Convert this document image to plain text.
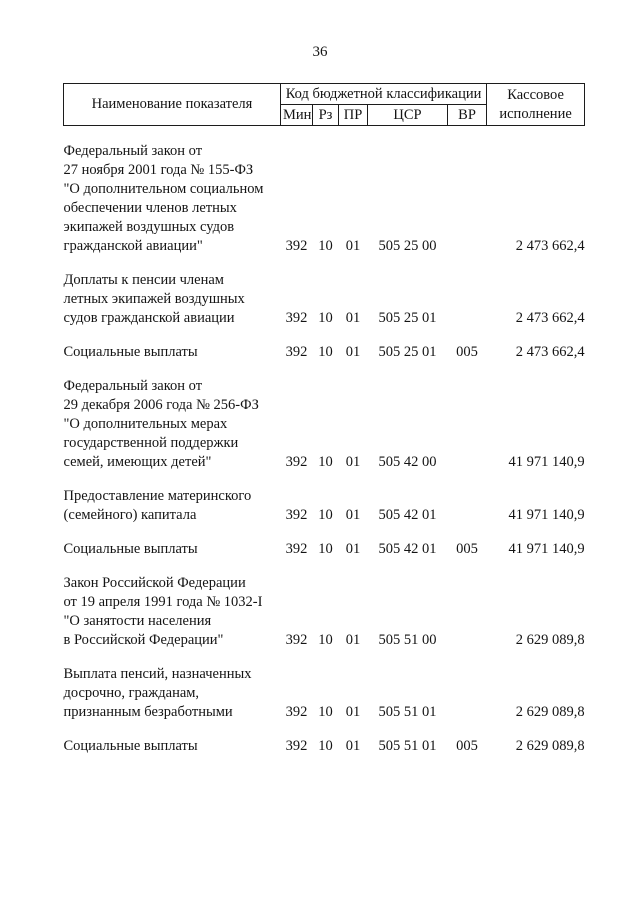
36
Наименование показателя	Код бюджетной классификации					Кассовое исполнение
	Мин	Рз	ПР	ЦСР	ВР	

Федеральный закон от
27 ноября 2001 года № 155-ФЗ
"О дополнительном социальном
обеспечении членов летных
экипажей воздушных судов
гражданской авиации"	392	10	01	505 25 00		2 473 662,4

Доплаты к пенсии членам
летных экипажей воздушных
судов гражданской авиации	392	10	01	505 25 01		2 473 662,4

Социальные выплаты	392	10	01	505 25 01	005	2 473 662,4

Федеральный закон от
29 декабря 2006 года № 256-ФЗ
"О дополнительных мерах
государственной поддержки
семей, имеющих детей"	392	10	01	505 42 00		41 971 140,9

Предоставление материнского
(семейного) капитала	392	10	01	505 42 01		41 971 140,9

Социальные выплаты	392	10	01	505 42 01	005	41 971 140,9

Закон Российской Федерации
от 19 апреля 1991 года № 1032-I
"О занятости населения
в Российской Федерации"	392	10	01	505 51 00		2 629 089,8

Выплата пенсий, назначенных
досрочно, гражданам,
признанным безработными	392	10	01	505 51 01		2 629 089,8

Социальные выплаты	392	10	01	505 51 01	005	2 629 089,8
